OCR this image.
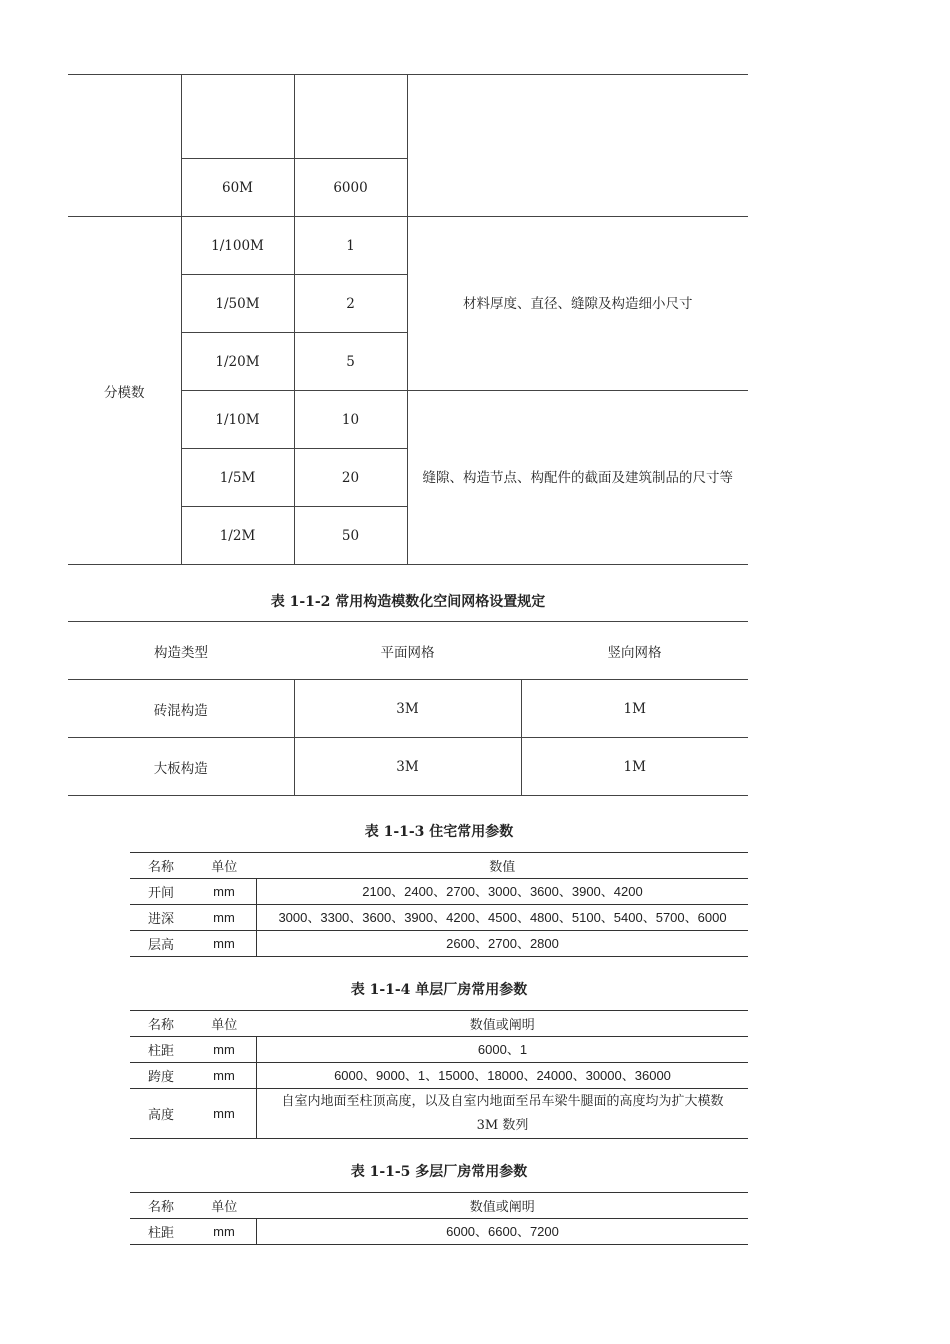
	60M	6000	
分模数	1/100M	1	材料厚度、直径、缝隙及构造细小尺寸
	1/50M	2	
	1/20M	5	
	1/10M	10	缝隙、构造节点、构配件的截面及建筑制品的尺寸等
	1/5M	20	
	1/2M	50	
表 1-1-2 常用构造模数化空间网格设置规定
构造类型	平面网格	竖向网格
砖混构造	3M	1M
大板构造	3M	1M
表 1-1-3 住宅常用参数
名称	单位	数值
开间	mm	2100、2400、2700、3000、3600、3900、4200
进深	mm	3000、3300、3600、3900、4200、4500、4800、5100、5400、5700、6000
层高	mm	2600、2700、2800
表 1-1-4 单层厂房常用参数
名称	单位	数值或阐明
柱距	mm	6000、1
跨度	mm	6000、9000、1、15000、18000、24000、30000、36000
高度	mm	自室内地面至柱顶高度，以及自室内地面至吊车梁牛腿面的高度均为扩大模数 3M 数列
表 1-1-5 多层厂房常用参数
名称	单位	数值或阐明
柱距	mm	6000、6600、7200
